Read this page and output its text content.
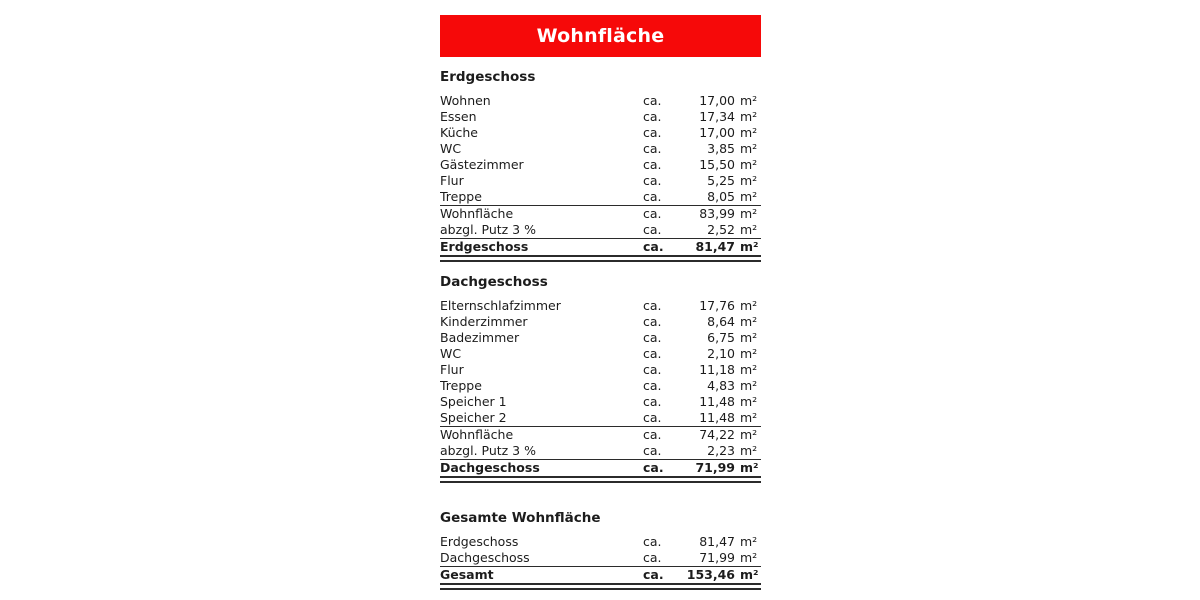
Wohnfläche
Erdgeschoss
Wohnen	ca.	17,00 m²
Essen	ca.	17,34 m²
Küche	ca.	17,00 m²
WC	ca.	3,85 m²
Gästezimmer	ca.	15,50 m²
Flur	ca.	5,25 m²
Treppe	ca.	8,05 m²
Wohnfläche	ca.	83,99 m²
abzgl. Putz 3 %	ca.	2,52 m²
Erdgeschoss	ca.	81,47 m²
Dachgeschoss
Elternschlafzimmer	ca.	17,76 m²
Kinderzimmer	ca.	8,64 m²
Badezimmer	ca.	6,75 m²
WC	ca.	2,10 m²
Flur	ca.	11,18 m²
Treppe	ca.	4,83 m²
Speicher 1	ca.	11,48 m²
Speicher 2	ca.	11,48 m²
Wohnfläche	ca.	74,22 m²
abzgl. Putz 3 %	ca.	2,23 m²
Dachgeschoss	ca.	71,99 m²
Gesamte Wohnfläche
Erdgeschoss	ca.	81,47 m²
Dachgeschoss	ca.	71,99 m²
Gesamt	ca.	153,46 m²
